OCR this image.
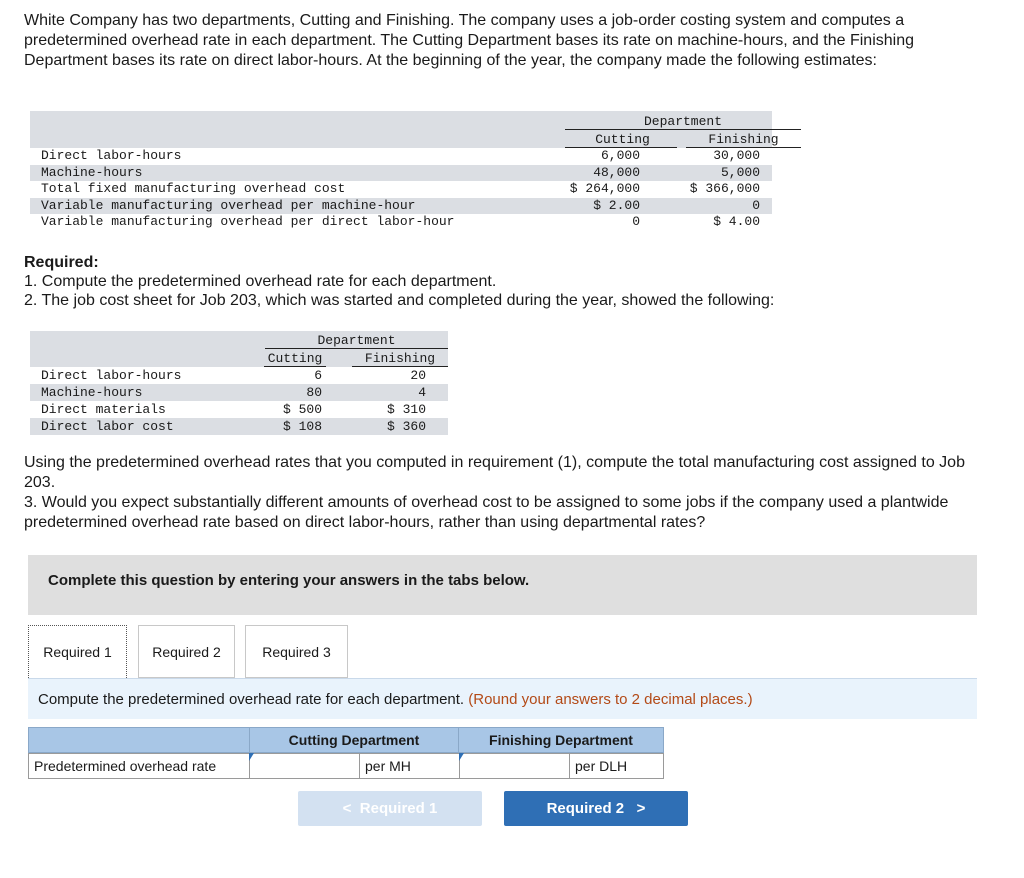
White Company has two departments, Cutting and Finishing. The company uses a job-order costing system and computes a predetermined overhead rate in each department. The Cutting Department bases its rate on machine-hours, and the Finishing Department bases its rate on direct labor-hours. At the beginning of the year, the company made the following estimates:
Department
Cutting	Finishing
Direct labor-hours	6,000	30,000
Machine-hours	48,000	5,000
Total fixed manufacturing overhead cost	$ 264,000	$ 366,000
Variable manufacturing overhead per machine-hour	$ 2.00	0
Variable manufacturing overhead per direct labor-hour	0	$ 4.00
Required:
1. Compute the predetermined overhead rate for each department.
2. The job cost sheet for Job 203, which was started and completed during the year, showed the following:
Department
Cutting	Finishing
Direct labor-hours	6	20
Machine-hours	80	4
Direct materials	$ 500	$ 310
Direct labor cost	$ 108	$ 360
Using the predetermined overhead rates that you computed in requirement (1), compute the total manufacturing cost assigned to Job 203.
3. Would you expect substantially different amounts of overhead cost to be assigned to some jobs if the company used a plantwide predetermined overhead rate based on direct labor-hours, rather than using departmental rates?
Complete this question by entering your answers in the tabs below.
Required 1	Required 2	Required 3
Compute the predetermined overhead rate for each department. (Round your answers to 2 decimal places.)
Cutting Department	Finishing Department
Predetermined overhead rate	per MH	per DLH
< Required 1	Required 2 >
